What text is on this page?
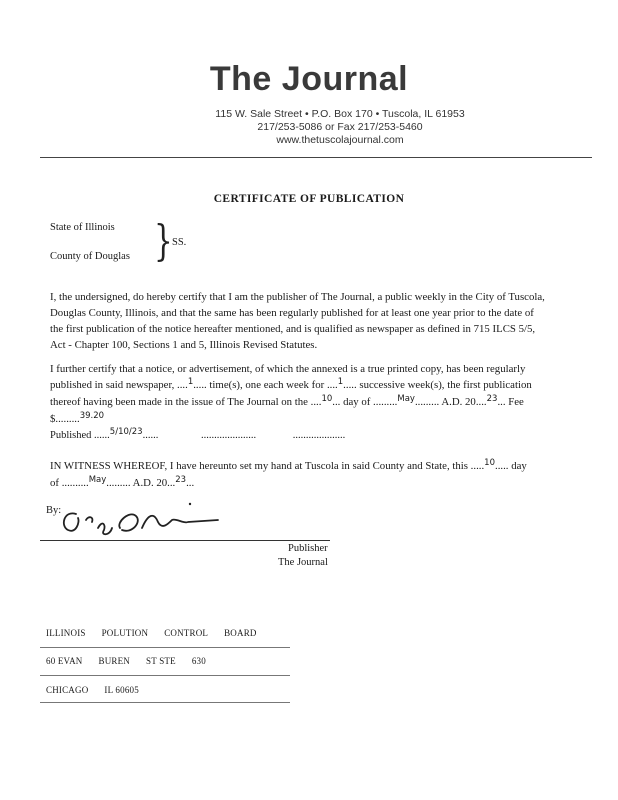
The Journal
115 W. Sale Street • P.O. Box 170 • Tuscola, IL 61953
217/253-5086 or Fax 217/253-5460
www.thetuscolajournal.com
CERTIFICATE OF PUBLICATION
State of Illinois
County of Douglas } SS.
I, the undersigned, do hereby certify that I am the publisher of The Journal, a public weekly in the City of Tuscola,
Douglas County, Illinois, and that the same has been regularly published for at least one year prior to the date of
the first publication of the notice hereafter mentioned, and is qualified as newspaper as defined in 715 ILCS 5/5,
Act - Chapter 100, Sections 1 and 5, Illinois Revised Statutes.
I further certify that a notice, or advertisement, of which the annexed is a true printed copy, has been regularly
published in said newspaper, ....$^1$..... time(s), one each week for ....$^1$..... successive week(s), the first publication
thereof having been made in the issue of The Journal on the ....$^{10}$... day of .........$^{May}$......... A.D. 20....$^{23}$... Fee
$.........$^{39.20}$
Published ......$^{5/10/23}$......	.....................	....................
IN WITNESS WHEREOF, I have hereunto set my hand at Tuscola in said County and State, this .....$^{10}$..... day
of ..........$^{May}$......... A.D. 20...$^{23}$...
By:
Publisher
The Journal
ILLINOIS POLUTION CONTROL BOARD
60 EVAN BUREN ST STE 630
CHICAGO IL 60605
